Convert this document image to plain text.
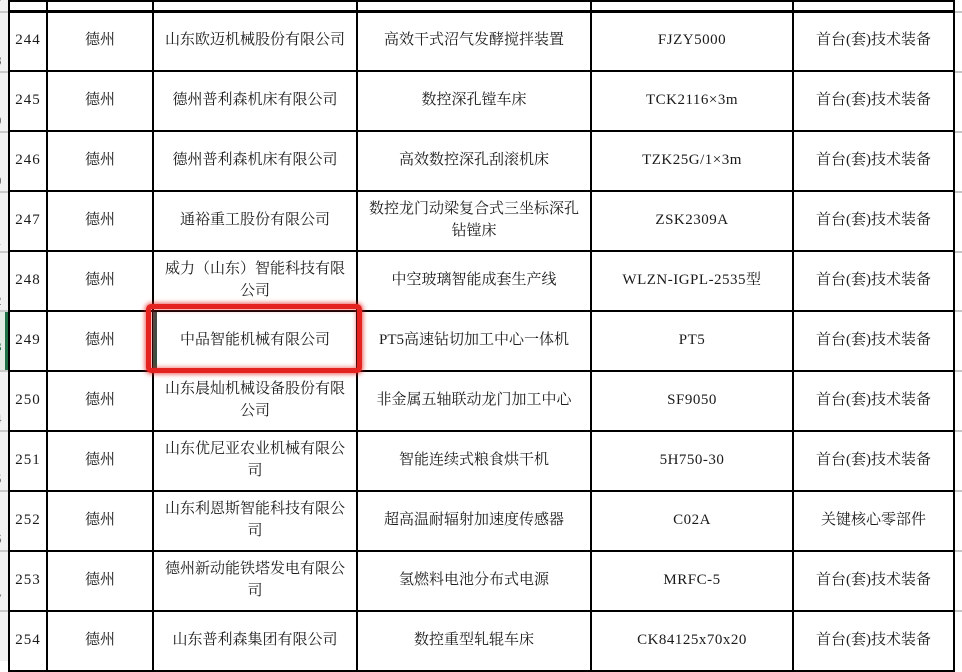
244	德州	山东欧迈机械股份有限公司	高效干式沼气发酵搅拌装置	FJZY5000	首台(套)技术装备
245	德州	德州普利森机床有限公司	数控深孔镗车床	TCK2116×3m	首台(套)技术装备
246	德州	德州普利森机床有限公司	高效数控深孔刮滚机床	TZK25G/1×3m	首台(套)技术装备
247	德州	通裕重工股份有限公司	数控龙门动梁复合式三坐标深孔钻镗床	ZSK2309A	首台(套)技术装备
248	德州	威力（山东）智能科技有限公司	中空玻璃智能成套生产线	WLZN-IGPL-2535型	首台(套)技术装备
249	德州	中品智能机械有限公司	PT5高速钻切加工中心一体机	PT5	首台(套)技术装备
250	德州	山东晨灿机械设备股份有限公司	非金属五轴联动龙门加工中心	SF9050	首台(套)技术装备
251	德州	山东优尼亚农业机械有限公司	智能连续式粮食烘干机	5H750-30	首台(套)技术装备
252	德州	山东利恩斯智能科技有限公司	超高温耐辐射加速度传感器	C02A	关键核心零部件
253	德州	德州新动能铁塔发电有限公司	氢燃料电池分布式电源	MRFC-5	首台(套)技术装备
254	德州	山东普利森集团有限公司	数控重型轧辊车床	CK84125x70x20	首台(套)技术装备
